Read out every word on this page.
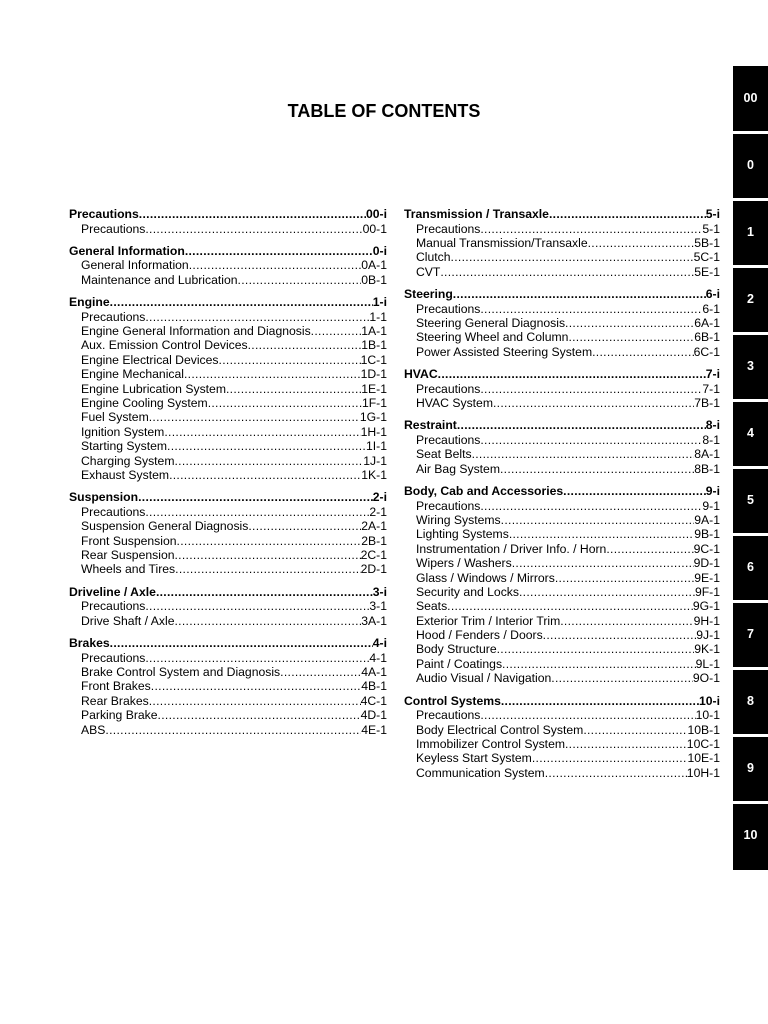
TABLE OF CONTENTS
Precautions .....	00-i
Precautions .....	00-1
General Information .....	0-i
General Information .....	0A-1
Maintenance and Lubrication .....	0B-1
Engine .....	1-i
Precautions .....	1-1
Engine General Information and Diagnosis .....	1A-1
Aux. Emission Control Devices .....	1B-1
Engine Electrical Devices .....	1C-1
Engine Mechanical .....	1D-1
Engine Lubrication System .....	1E-1
Engine Cooling System .....	1F-1
Fuel System .....	1G-1
Ignition System .....	1H-1
Starting System .....	1I-1
Charging System .....	1J-1
Exhaust System .....	1K-1
Suspension .....	2-i
Precautions .....	2-1
Suspension General Diagnosis .....	2A-1
Front Suspension .....	2B-1
Rear Suspension .....	2C-1
Wheels and Tires .....	2D-1
Driveline / Axle .....	3-i
Precautions .....	3-1
Drive Shaft / Axle .....	3A-1
Brakes .....	4-i
Precautions .....	4-1
Brake Control System and Diagnosis .....	4A-1
Front Brakes .....	4B-1
Rear Brakes .....	4C-1
Parking Brake .....	4D-1
ABS .....	4E-1
Transmission / Transaxle .....	5-i
Precautions .....	5-1
Manual Transmission/Transaxle .....	5B-1
Clutch .....	5C-1
CVT .....	5E-1
Steering .....	6-i
Precautions .....	6-1
Steering General Diagnosis .....	6A-1
Steering Wheel and Column .....	6B-1
Power Assisted Steering System .....	6C-1
HVAC .....	7-i
Precautions .....	7-1
HVAC System .....	7B-1
Restraint .....	8-i
Precautions .....	8-1
Seat Belts .....	8A-1
Air Bag System .....	8B-1
Body, Cab and Accessories .....	9-i
Precautions .....	9-1
Wiring Systems .....	9A-1
Lighting Systems .....	9B-1
Instrumentation / Driver Info. / Horn .....	9C-1
Wipers / Washers .....	9D-1
Glass / Windows / Mirrors .....	9E-1
Security and Locks .....	9F-1
Seats .....	9G-1
Exterior Trim / Interior Trim .....	9H-1
Hood / Fenders / Doors .....	9J-1
Body Structure .....	9K-1
Paint / Coatings .....	9L-1
Audio Visual / Navigation .....	9O-1
Control Systems .....	10-i
Precautions .....	10-1
Body Electrical Control System .....	10B-1
Immobilizer Control System .....	10C-1
Keyless Start System .....	10E-1
Communication System .....	10H-1
00
0
1
2
3
4
5
6
7
8
9
10
